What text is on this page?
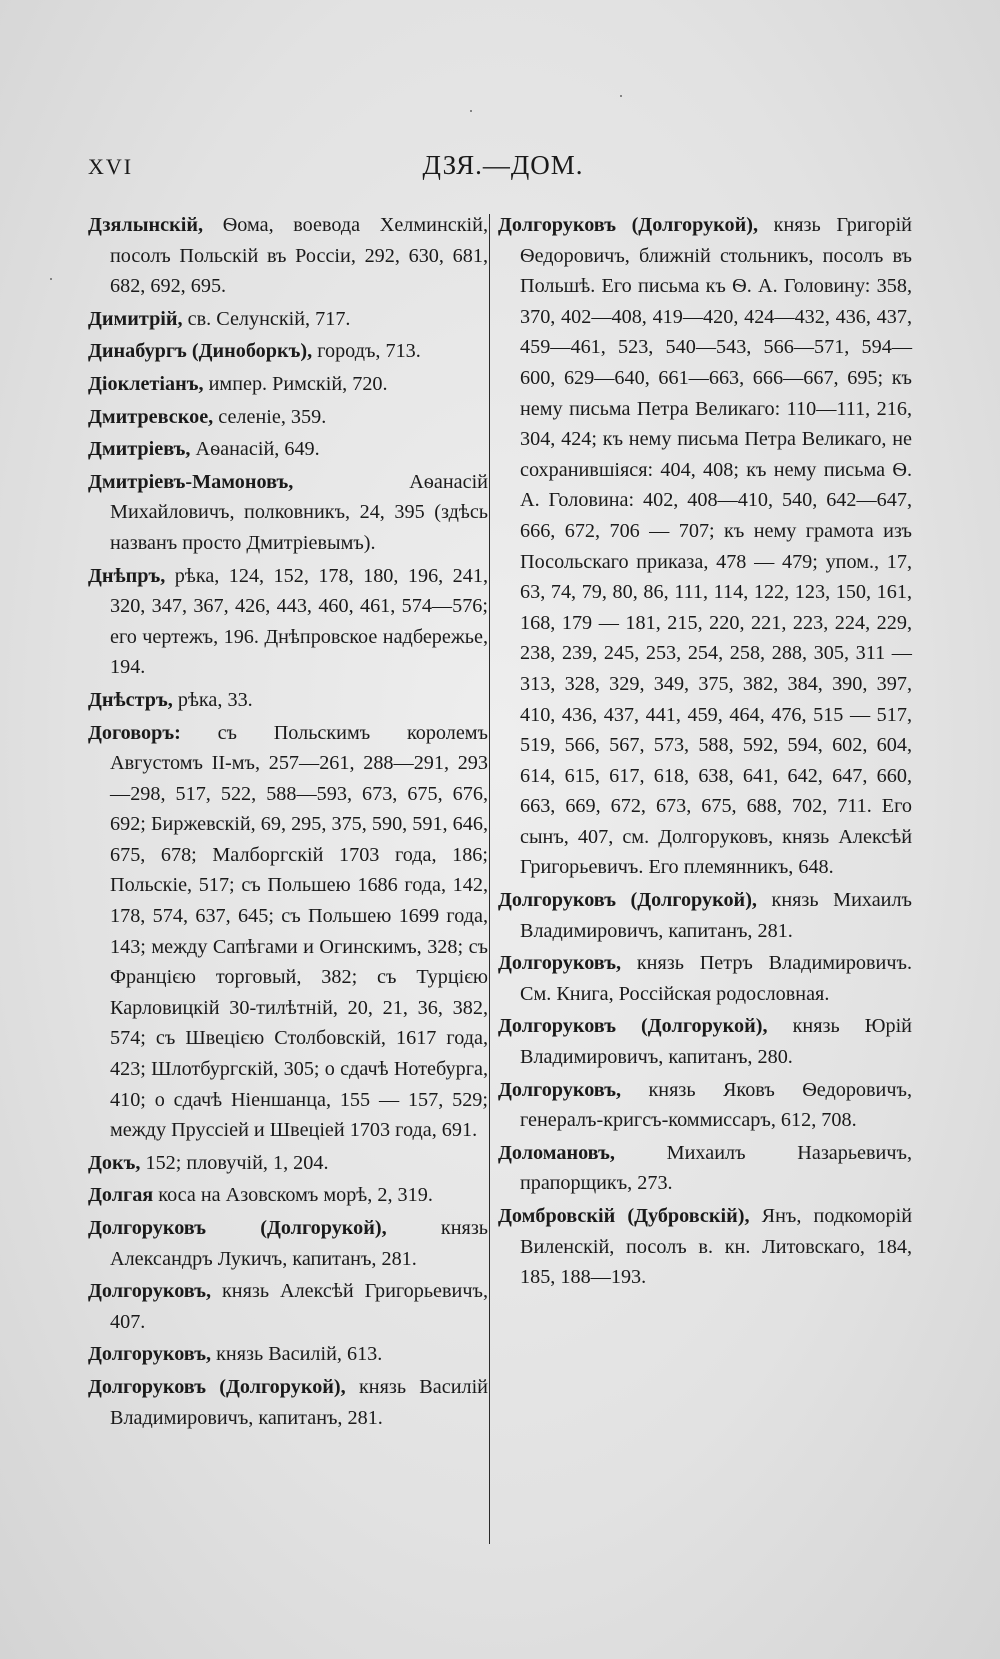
XVI	ДЗЯ.—ДОМ.

Дзялынскій, Ѳома, воевода Хелминскій, посолъ Польскій въ Россіи, 292, 630, 681, 682, 692, 695.

Димитрій, св. Селунскій, 717.

Динабургъ (Диноборкъ), городъ, 713.

Діоклетіанъ, импер. Римскій, 720.

Дмитревское, селеніе, 359.

Дмитріевъ, Аѳанасій, 649.

Дмитріевъ-Мамоновъ, Аѳанасій Михайловичъ, полковникъ, 24, 395 (здѣсь названъ просто Дмитріевымъ).

Днѣпръ, рѣка, 124, 152, 178, 180, 196, 241, 320, 347, 367, 426, 443, 460, 461, 574—576; его чертежъ, 196. Днѣпровское надбережье, 194.

Днѣстръ, рѣка, 33.

Договоръ: съ Польскимъ королемъ Августомъ II-мъ, 257—261, 288—291, 293—298, 517, 522, 588—593, 673, 675, 676, 692; Биржевскій, 69, 295, 375, 590, 591, 646, 675, 678; Малборгскій 1703 года, 186; Польскіе, 517; съ Польшею 1686 года, 142, 178, 574, 637, 645; съ Польшею 1699 года, 143; между Сапѣгами и Огинскимъ, 328; съ Францією торговый, 382; съ Турцією Карловицкій 30-тилѣтній, 20, 21, 36, 382, 574; съ Швецією Столбовскій, 1617 года, 423; Шлотбургскій, 305; о сдачѣ Нотебурга, 410; о сдачѣ Ніеншанца, 155 — 157, 529; между Пруссіей и Швеціей 1703 года, 691.

Докъ, 152; пловучій, 1, 204.

Долгая коса на Азовскомъ морѣ, 2, 319.

Долгоруковъ (Долгорукой), князь Александръ Лукичъ, капитанъ, 281.

Долгоруковъ, князь Алексѣй Григорьевичъ, 407.

Долгоруковъ, князь Василій, 613.

Долгоруковъ (Долгорукой), князь Василій Владимировичъ, капитанъ, 281.

Долгоруковъ (Долгорукой), князь Григорій Ѳедоровичъ, ближній стольникъ, посолъ въ Польшѣ. Его письма къ Ѳ. А. Головину: 358, 370, 402—408, 419—420, 424—432, 436, 437, 459—461, 523, 540—543, 566—571, 594—600, 629—640, 661—663, 666—667, 695; къ нему письма Петра Великаго: 110—111, 216, 304, 424; къ нему письма Петра Великаго, не сохранившіяся: 404, 408; къ нему письма Ѳ. А. Головина: 402, 408—410, 540, 642—647, 666, 672, 706 — 707; къ нему грамота изъ Посольскаго приказа, 478 — 479; упом., 17, 63, 74, 79, 80, 86, 111, 114, 122, 123, 150, 161, 168, 179 — 181, 215, 220, 221, 223, 224, 229, 238, 239, 245, 253, 254, 258, 288, 305, 311 — 313, 328, 329, 349, 375, 382, 384, 390, 397, 410, 436, 437, 441, 459, 464, 476, 515 — 517, 519, 566, 567, 573, 588, 592, 594, 602, 604, 614, 615, 617, 618, 638, 641, 642, 647, 660, 663, 669, 672, 673, 675, 688, 702, 711. Его сынъ, 407, см. Долгоруковъ, князь Алексѣй Григорьевичъ. Его племянникъ, 648.

Долгоруковъ (Долгорукой), князь Михаилъ Владимировичъ, капитанъ, 281.

Долгоруковъ, князь Петръ Владимировичъ. См. Книга, Россійская родословная.

Долгоруковъ (Долгорукой), князь Юрій Владимировичъ, капитанъ, 280.

Долгоруковъ, князь Яковъ Ѳедоровичъ, генералъ-кригсъ-коммиссаръ, 612, 708.

Доломановъ, Михаилъ Назарьевичъ, прапорщикъ, 273.

Домбровскій (Дубровскій), Янъ, подкоморій Виленскій, посолъ в. кн. Литовскаго, 184, 185, 188—193.
